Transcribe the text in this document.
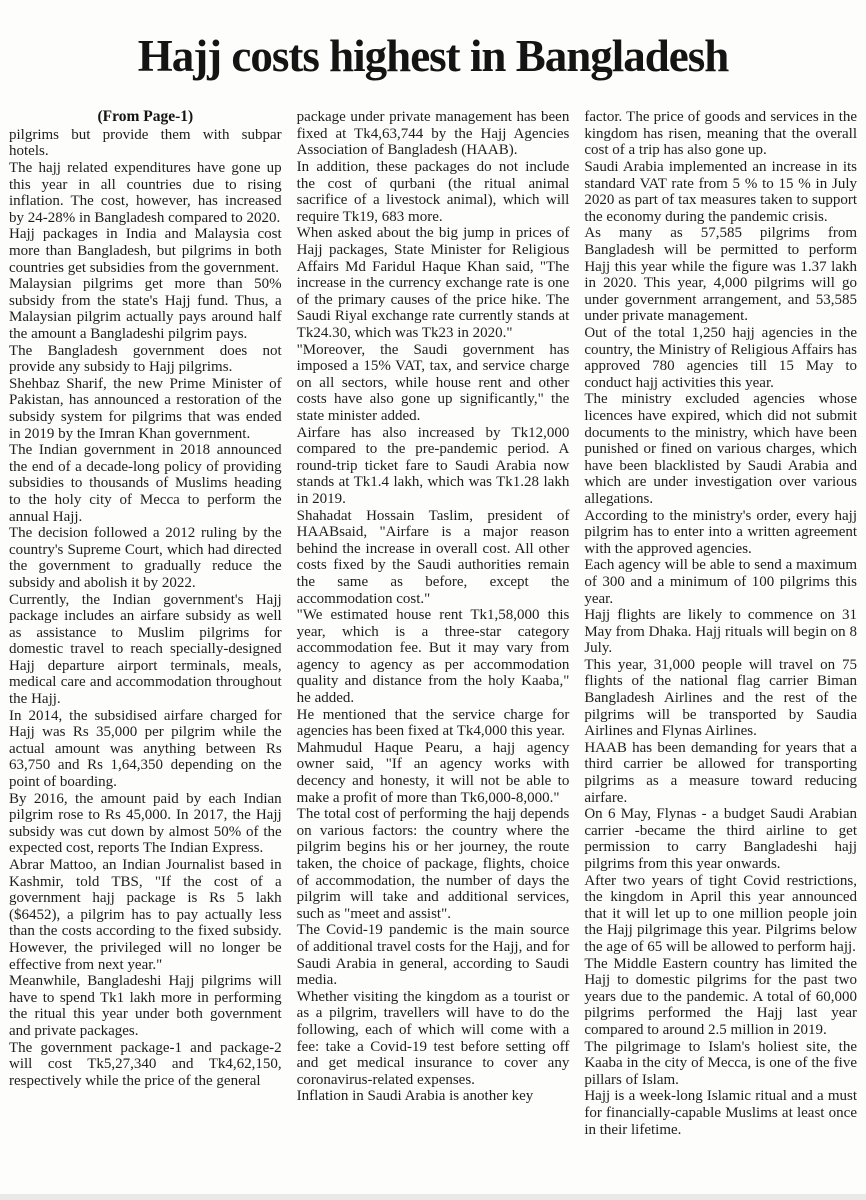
Hajj costs highest in Bangladesh

(From Page-1)

pilgrims but provide them with subpar hotels.

The hajj related expenditures have gone up this year in all countries due to rising inflation. The cost, however, has increased by 24-28% in Bangladesh compared to 2020.

Hajj packages in India and Malaysia cost more than Bangladesh, but pilgrims in both countries get subsidies from the government.

Malaysian pilgrims get more than 50% subsidy from the state's Hajj fund. Thus, a Malaysian pilgrim actually pays around half the amount a Bangladeshi pilgrim pays.

The Bangladesh government does not provide any subsidy to Hajj pilgrims.

Shehbaz Sharif, the new Prime Minister of Pakistan, has announced a restoration of the subsidy system for pilgrims that was ended in 2019 by the Imran Khan government.

The Indian government in 2018 announced the end of a decade-long policy of providing subsidies to thousands of Muslims heading to the holy city of Mecca to perform the annual Hajj.

The decision followed a 2012 ruling by the country's Supreme Court, which had directed the government to gradually reduce the subsidy and abolish it by 2022.

Currently, the Indian government's Hajj package includes an airfare subsidy as well as assistance to Muslim pilgrims for domestic travel to reach specially-designed Hajj departure airport terminals, meals, medical care and accommodation throughout the Hajj.

In 2014, the subsidised airfare charged for Hajj was Rs 35,000 per pilgrim while the actual amount was anything between Rs 63,750 and Rs 1,64,350 depending on the point of boarding.

By 2016, the amount paid by each Indian pilgrim rose to Rs 45,000. In 2017, the Hajj subsidy was cut down by almost 50% of the expected cost, reports The Indian Express.

Abrar Mattoo, an Indian Journalist based in Kashmir, told TBS, "If the cost of a government hajj package is Rs 5 lakh ($6452), a pilgrim has to pay actually less than the costs according to the fixed subsidy. However, the privileged will no longer be effective from next year."

Meanwhile, Bangladeshi Hajj pilgrims will have to spend Tk1 lakh more in performing the ritual this year under both government and private packages.

The government package-1 and package-2 will cost Tk5,27,340 and Tk4,62,150, respectively while the price of the general

package under private management has been fixed at Tk4,63,744 by the Hajj Agencies Association of Bangladesh (HAAB).

In addition, these packages do not include the cost of qurbani (the ritual animal sacrifice of a livestock animal), which will require Tk19, 683 more.

When asked about the big jump in prices of Hajj packages, State Minister for Religious Affairs Md Faridul Haque Khan said, "The increase in the currency exchange rate is one of the primary causes of the price hike. The Saudi Riyal exchange rate currently stands at Tk24.30, which was Tk23 in 2020."

"Moreover, the Saudi government has imposed a 15% VAT, tax, and service charge on all sectors, while house rent and other costs have also gone up significantly," the state minister added.

Airfare has also increased by Tk12,000 compared to the pre-pandemic period. A round-trip ticket fare to Saudi Arabia now stands at Tk1.4 lakh, which was Tk1.28 lakh in 2019.

Shahadat Hossain Taslim, president of HAABsaid, "Airfare is a major reason behind the increase in overall cost. All other costs fixed by the Saudi authorities remain the same as before, except the accommodation cost."

"We estimated house rent Tk1,58,000 this year, which is a three-star category accommodation fee. But it may vary from agency to agency as per accommodation quality and distance from the holy Kaaba," he added.

He mentioned that the service charge for agencies has been fixed at Tk4,000 this year.

Mahmudul Haque Pearu, a hajj agency owner said, "If an agency works with decency and honesty, it will not be able to make a profit of more than Tk6,000-8,000."

The total cost of performing the hajj depends on various factors: the country where the pilgrim begins his or her journey, the route taken, the choice of package, flights, choice of accommodation, the number of days the pilgrim will take and additional services, such as "meet and assist".

The Covid-19 pandemic is the main source of additional travel costs for the Hajj, and for Saudi Arabia in general, according to Saudi media.

Whether visiting the kingdom as a tourist or as a pilgrim, travellers will have to do the following, each of which will come with a fee: take a Covid-19 test before setting off and get medical insurance to cover any coronavirus-related expenses.

Inflation in Saudi Arabia is another key

factor. The price of goods and services in the kingdom has risen, meaning that the overall cost of a trip has also gone up.

Saudi Arabia implemented an increase in its standard VAT rate from 5 % to 15 % in July 2020 as part of tax measures taken to support the economy during the pandemic crisis.

As many as 57,585 pilgrims from Bangladesh will be permitted to perform Hajj this year while the figure was 1.37 lakh in 2020. This year, 4,000 pilgrims will go under government arrangement, and 53,585 under private management.

Out of the total 1,250 hajj agencies in the country, the Ministry of Religious Affairs has approved 780 agencies till 15 May to conduct hajj activities this year.

The ministry excluded agencies whose licences have expired, which did not submit documents to the ministry, which have been punished or fined on various charges, which have been blacklisted by Saudi Arabia and which are under investigation over various allegations.

According to the ministry's order, every hajj pilgrim has to enter into a written agreement with the approved agencies.

Each agency will be able to send a maximum of 300 and a minimum of 100 pilgrims this year.

Hajj flights are likely to commence on 31 May from Dhaka. Hajj rituals will begin on 8 July.

This year, 31,000 people will travel on 75 flights of the national flag carrier Biman Bangladesh Airlines and the rest of the pilgrims will be transported by Saudia Airlines and Flynas Airlines.

HAAB has been demanding for years that a third carrier be allowed for transporting pilgrims as a measure toward reducing airfare.

On 6 May, Flynas - a budget Saudi Arabian carrier -became the third airline to get permission to carry Bangladeshi hajj pilgrims from this year onwards.

After two years of tight Covid restrictions, the kingdom in April this year announced that it will let up to one million people join the Hajj pilgrimage this year. Pilgrims below the age of 65 will be allowed to perform hajj.

The Middle Eastern country has limited the Hajj to domestic pilgrims for the past two years due to the pandemic. A total of 60,000 pilgrims performed the Hajj last year compared to around 2.5 million in 2019.

The pilgrimage to Islam's holiest site, the Kaaba in the city of Mecca, is one of the five pillars of Islam.

Hajj is a week-long Islamic ritual and a must for financially-capable Muslims at least once in their lifetime.
